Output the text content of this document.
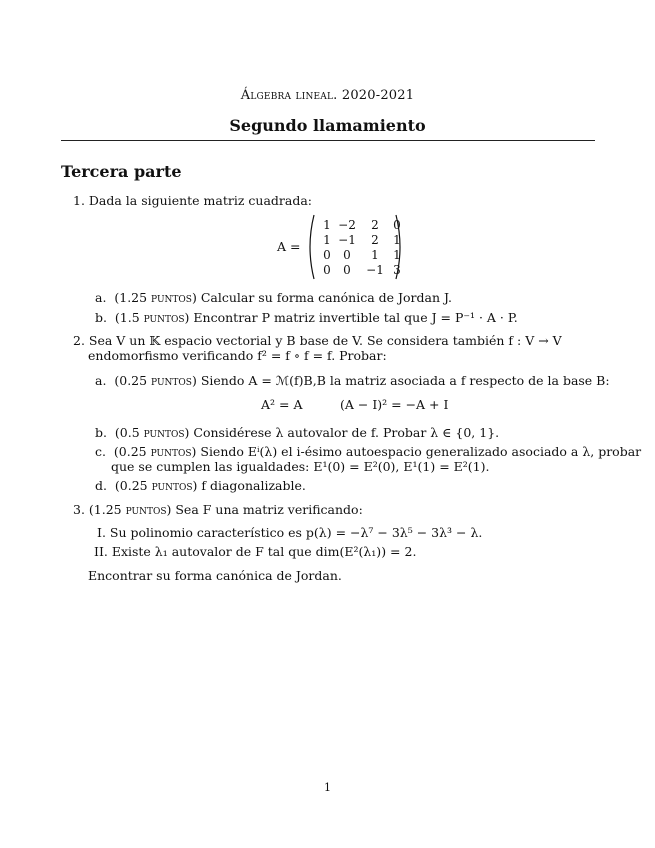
Álgebra lineal. 2020-2021
Segundo llamamiento
Tercera parte
1. Dada la siguiente matriz cuadrada:
A =
1 −2	2	0
1 −1	2	1
0	0	1	1
0	0	−1 3
a.  (1.25 puntos) Calcular su forma canónica de Jordan J.
b.  (1.5 puntos) Encontrar P matriz invertible tal que J = P⁻¹ · A · P.
2. Sea V un 𝕂 espacio vectorial y B base de V. Se considera también f : V → V
endomorfismo verificando f² = f ∘ f = f. Probar:
a.  (0.25 puntos) Siendo A = ℳ(f)B,B la matriz asociada a f respecto de la base B:
A² = A	(A − I)² = −A + I
b.  (0.5 puntos) Considérese λ autovalor de f. Probar λ ∈ {0, 1}.
c.  (0.25 puntos) Siendo Eⁱ(λ) el i-ésimo autoespacio generalizado asociado a λ, probar
que se cumplen las igualdades: E¹(0) = E²(0), E¹(1) = E²(1).
d.  (0.25 puntos) f diagonalizable.
3. (1.25 puntos) Sea F una matriz verificando:
I. Su polinomio característico es p(λ) = −λ⁷ − 3λ⁵ − 3λ³ − λ.
II. Existe λ₁ autovalor de F tal que dim(E²(λ₁)) = 2.
Encontrar su forma canónica de Jordan.
1
